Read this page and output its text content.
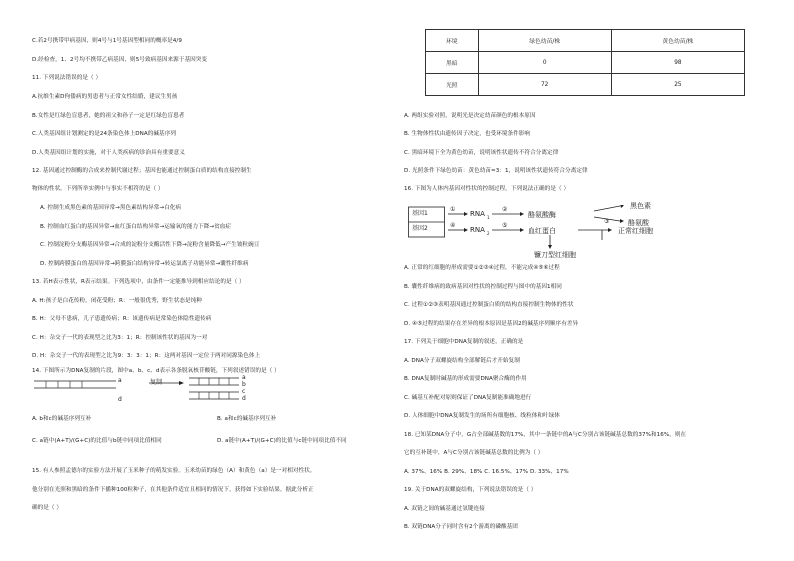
C.若2号携带甲病基因，则4号与1号基因型相同的概率是4/9
D.经检查，1、2号均不携带乙病基因，则5号致病基因来源于基因突变
11. 下列说法错误的是（ ）
A.抗维生素D佝偻病的男患者与正常女性结婚，建议生男孩
B.女性是红绿色盲患者，她的祖父和孙子一定是红绿色盲患者
C.人类基因组计划测定的是24条染色体上DNA的碱基序列
D.人类基因组计划的实施，对于人类疾病的诊治具有重要意义
12. 基因通过控制酶的合成来控制代谢过程；基因也能通过控制蛋白质的结构直接控制生
物体的性状。下列所举实例中与事实不相符的是（ ）
A. 控制生成黑色素的基因异常→黑色素结构异常→白化病
B. 控制血红蛋白的基因异常→血红蛋白结构异常→运输氧的能力下降→贫血症
C. 控制淀粉分支酶基因异常→合成的淀粉分支酶活性下降→淀粉含量降低→产生皱粒豌豆
D. 控制跨膜蛋白的基因异常→跨膜蛋白结构异常→转运氯离子功能异常→囊性纤维病
13. 若H表示性状，R表示结果。下列选项中，由条件一定能推导到相应结论的是（ ）
A. H:孩子是白花传粉，闭花受粉；R：一般很优秀，野生状态是纯种
B. H：父母不患病，儿子患遗传病；R：该遗传病是常染色体隐性遗传病
C. H：杂交子一代的表现型之比为3：1；R：控制该性状的基因为一对
D. H：杂交子一代的表现型之比为9：3：3：1；R：这两对基因一定位于两对同源染色体上
14. 下图所示为DNA复制的片段，图中a、b、c、d表示各条脱氧核苷酸链，下列叙述错误的是（ ）
a
d
复制
a
b
c
d
A. b和c的碱基序列互补	B. a和c的碱基序列互补
C. a链中(A+T)/(G+C)的比值与b链中同项比值相同	D. a链中(A+T)/(G+C)的比值与c链中同项比值不同
15. 有人参照孟德尔的实验方法开展了玉米种子的萌发实验。玉米幼苗的绿色（A）和黄色（a）是一对相对性状。
他分别在光照和黑暗的条件下播种100粒种子，在其他条件适宜且相同的情况下，获得如下实验结果。据此分析正
确的是（ ）
环境	绿色幼苗/株	黄色幼苗/株
黑暗	0	98
光照	72	25
A. 两组实验对照，说明光是决定幼苗颜色的根本原因
B. 生物体性状由遗传因子决定，也受环境条件影响
C. 黑暗环境下全为黄色幼苗，说明该性状遗传不符合分离定律
D. 光照条件下绿色幼苗：黄色幼苗≈3：1，说明该性状遗传符合分离定律
16. 下图为人体内基因对性状的控制过程，下列说法正确的是（ ）
基因1
基因2
RNA 1
RNA 2
①	②
④	⑤
酪氨酸酶
③
黑色素
酪氨酸
血红蛋白	正常红细胞
镰刀型红细胞
A. 正常的红细胞的形成需要①②③④过程，不能完成④⑤⑥过程
B. 囊性纤维病的致病基因对性状的控制过程与图中的基因1相同
C. 过程①②③表明基因通过控制蛋白质的结构直接控制生物体的性状
D. ④⑤过程的结果存在差异的根本原因是基因2的碱基序列顺序有差异
17. 下列关于细胞中DNA复制的叙述，正确的是
A. DNA分子双螺旋结构全部解链后才开始复制
B. DNA复制时碱基的形成需要DNA聚合酶的作用
C. 碱基互补配对原则保证了DNA复制能准确地进行
D. 人体细胞中DNA复制发生的场所有细胞核、线粒体和叶绿体
18. 已知某DNA分子中，G占全部碱基数的17%，其中一条链中的A与C分别占该链碱基总数的37%和16%，则在
它的互补链中，A与C分别占该链碱基总数的比例为（ ）
A. 37%、16% B. 29%、18% C. 16.5%、17% D. 33%、17%
19. 关于DNA的双螺旋结构，下列说法错误的是（ ）
A. 双链之间的碱基通过氢键连接
B. 双链DNA分子同时含有2个游离的磷酸基团
